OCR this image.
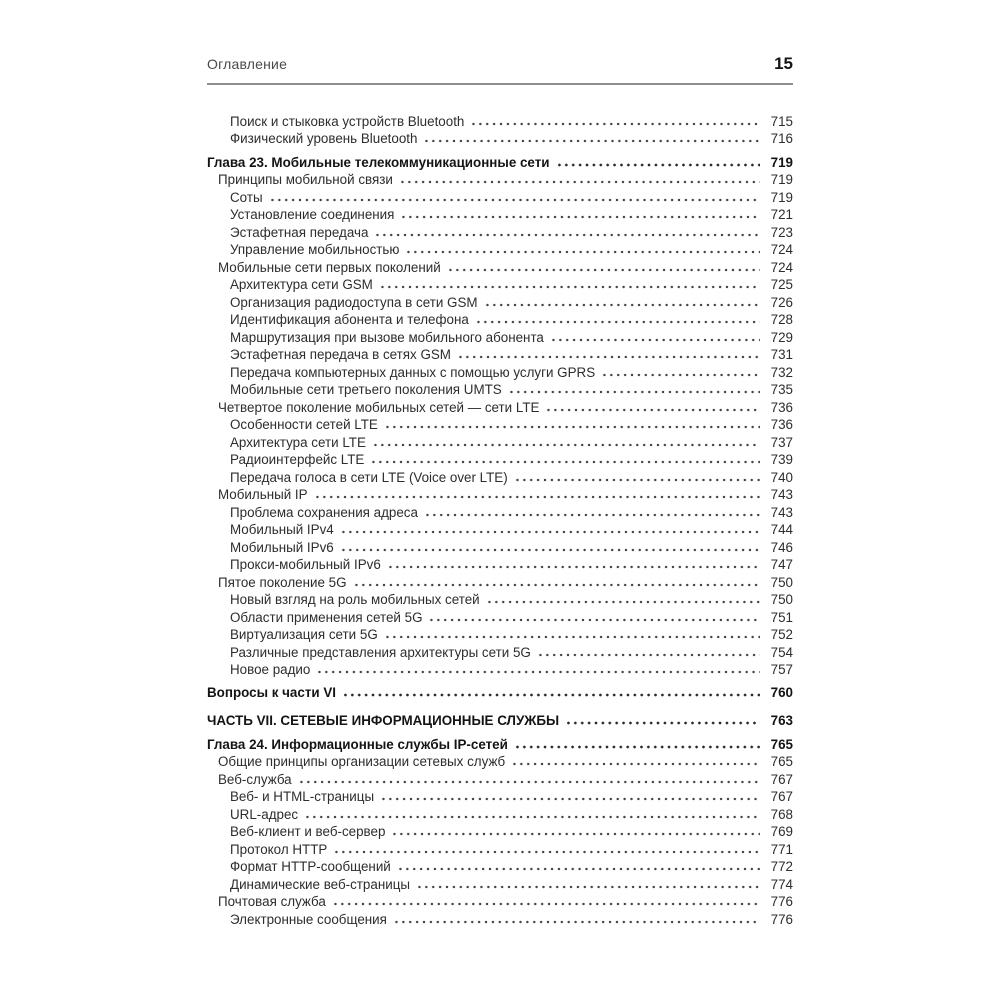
Оглавление	15
Поиск и стыковка устройств Bluetooth	715
Физический уровень Bluetooth	716
Глава 23. Мобильные телекоммуникационные сети	719
Принципы мобильной связи	719
Соты	719
Установление соединения	721
Эстафетная передача	723
Управление мобильностью	724
Мобильные сети первых поколений	724
Архитектура сети GSM	725
Организация радиодоступа в сети GSM	726
Идентификация абонента и телефона	728
Маршрутизация при вызове мобильного абонента	729
Эстафетная передача в сетях GSM	731
Передача компьютерных данных с помощью услуги GPRS	732
Мобильные сети третьего поколения UMTS	735
Четвертое поколение мобильных сетей — сети LTE	736
Особенности сетей LTE	736
Архитектура сети LTE	737
Радиоинтерфейс LTE	739
Передача голоса в сети LTE (Voice over LTE)	740
Мобильный IP	743
Проблема сохранения адреса	743
Мобильный IPv4	744
Мобильный IPv6	746
Прокси-мобильный IPv6	747
Пятое поколение 5G	750
Новый взгляд на роль мобильных сетей	750
Области применения сетей 5G	751
Виртуализация сети 5G	752
Различные представления архитектуры сети 5G	754
Новое радио	757
Вопросы к части VI	760
ЧАСТЬ VII. СЕТЕВЫЕ ИНФОРМАЦИОННЫЕ СЛУЖБЫ	763
Глава 24. Информационные службы IP-сетей	765
Общие принципы организации сетевых служб	765
Веб-служба	767
Веб- и HTML-страницы	767
URL-адрес	768
Веб-клиент и веб-сервер	769
Протокол HTTP	771
Формат HTTP-сообщений	772
Динамические веб-страницы	774
Почтовая служба	776
Электронные сообщения	776
